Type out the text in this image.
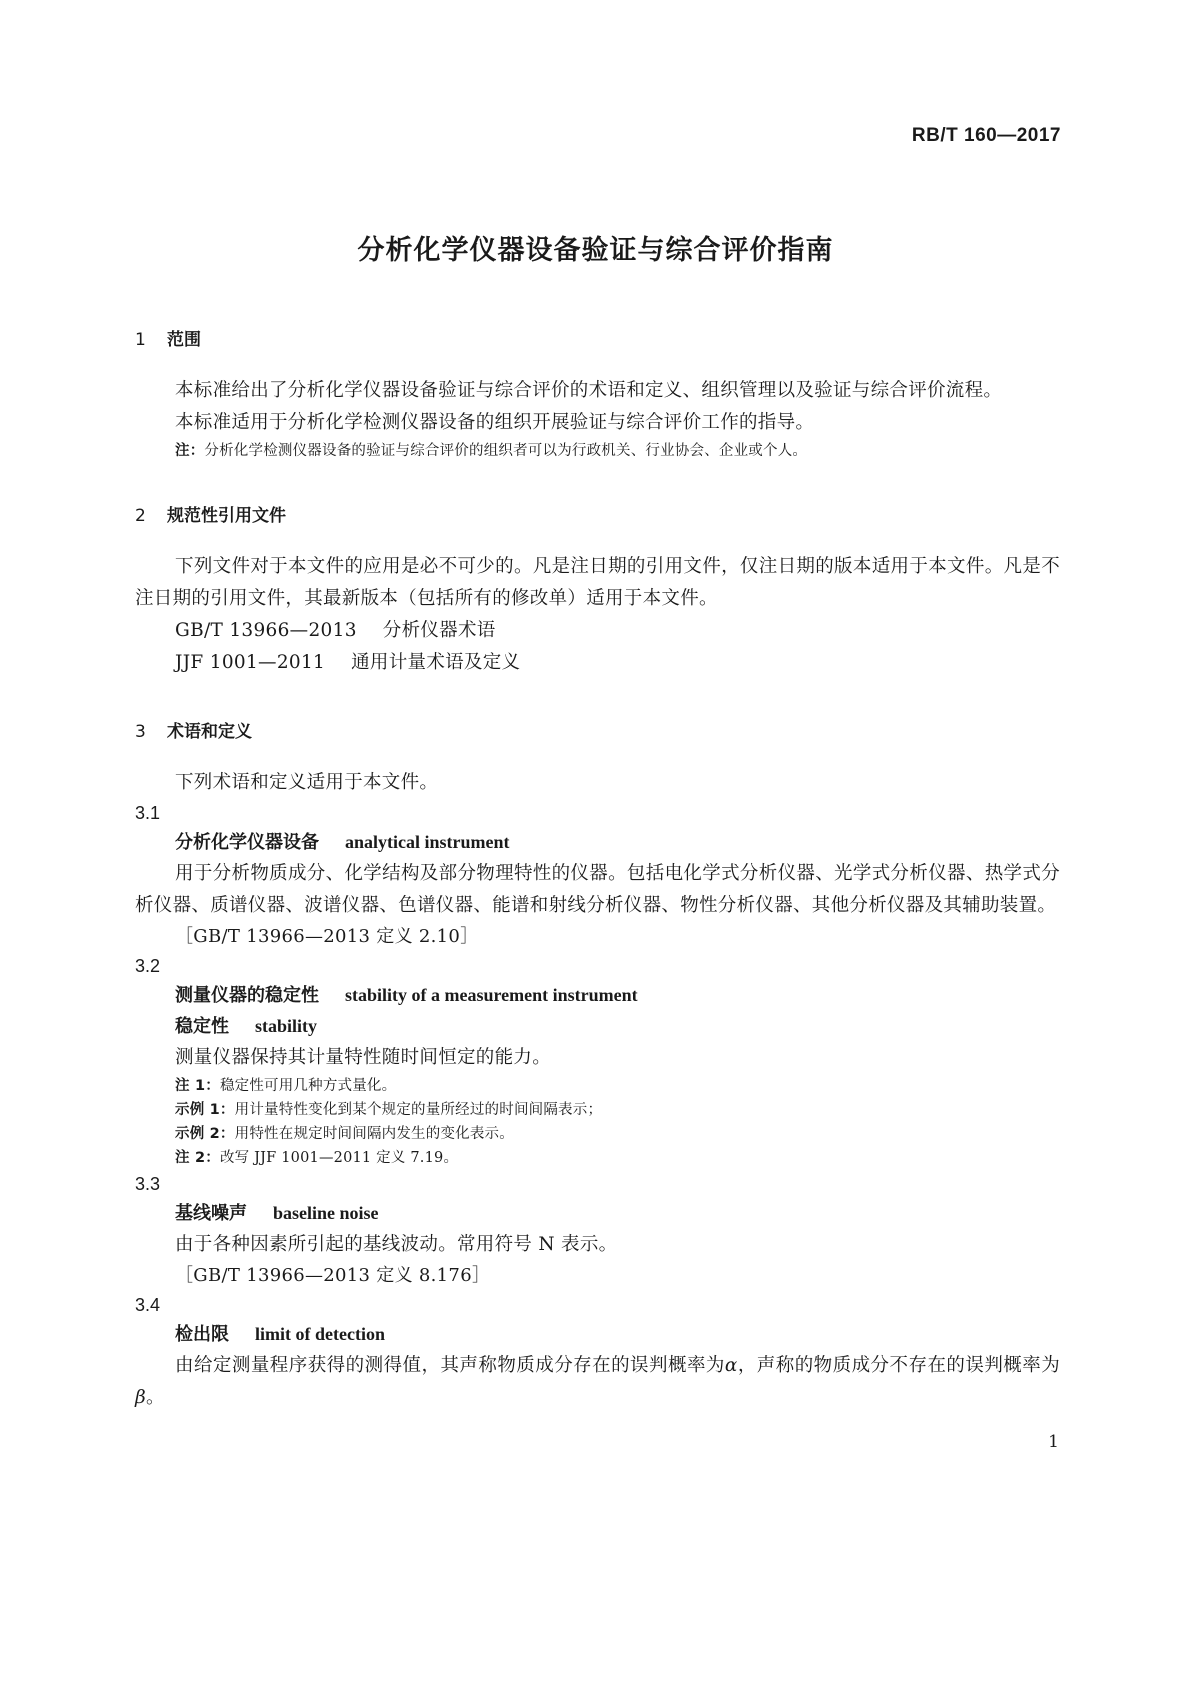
RB/T 160—2017
分析化学仪器设备验证与综合评价指南
1 范围
本标准给出了分析化学仪器设备验证与综合评价的术语和定义、组织管理以及验证与综合评价流程。
本标准适用于分析化学检测仪器设备的组织开展验证与综合评价工作的指导。
注：分析化学检测仪器设备的验证与综合评价的组织者可以为行政机关、行业协会、企业或个人。
2 规范性引用文件
下列文件对于本文件的应用是必不可少的。凡是注日期的引用文件，仅注日期的版本适用于本文件。凡是不注日期的引用文件，其最新版本（包括所有的修改单）适用于本文件。
GB/T 13966—2013 分析仪器术语
JJF 1001—2011 通用计量术语及定义
3 术语和定义
下列术语和定义适用于本文件。
3.1
分析化学仪器设备 analytical instrument
用于分析物质成分、化学结构及部分物理特性的仪器。包括电化学式分析仪器、光学式分析仪器、热学式分析仪器、质谱仪器、波谱仪器、色谱仪器、能谱和射线分析仪器、物性分析仪器、其他分析仪器及其辅助装置。
［GB/T 13966—2013 定义 2.10］
3.2
测量仪器的稳定性 stability of a measurement instrument
稳定性 stability
测量仪器保持其计量特性随时间恒定的能力。
注 1：稳定性可用几种方式量化。
示例 1：用计量特性变化到某个规定的量所经过的时间间隔表示；
示例 2：用特性在规定时间间隔内发生的变化表示。
注 2：改写 JJF 1001—2011 定义 7.19。
3.3
基线噪声 baseline noise
由于各种因素所引起的基线波动。常用符号 N 表示。
［GB/T 13966—2013 定义 8.176］
3.4
检出限 limit of detection
由给定测量程序获得的测得值，其声称物质成分存在的误判概率为α，声称的物质成分不存在的误判概率为β。
1
